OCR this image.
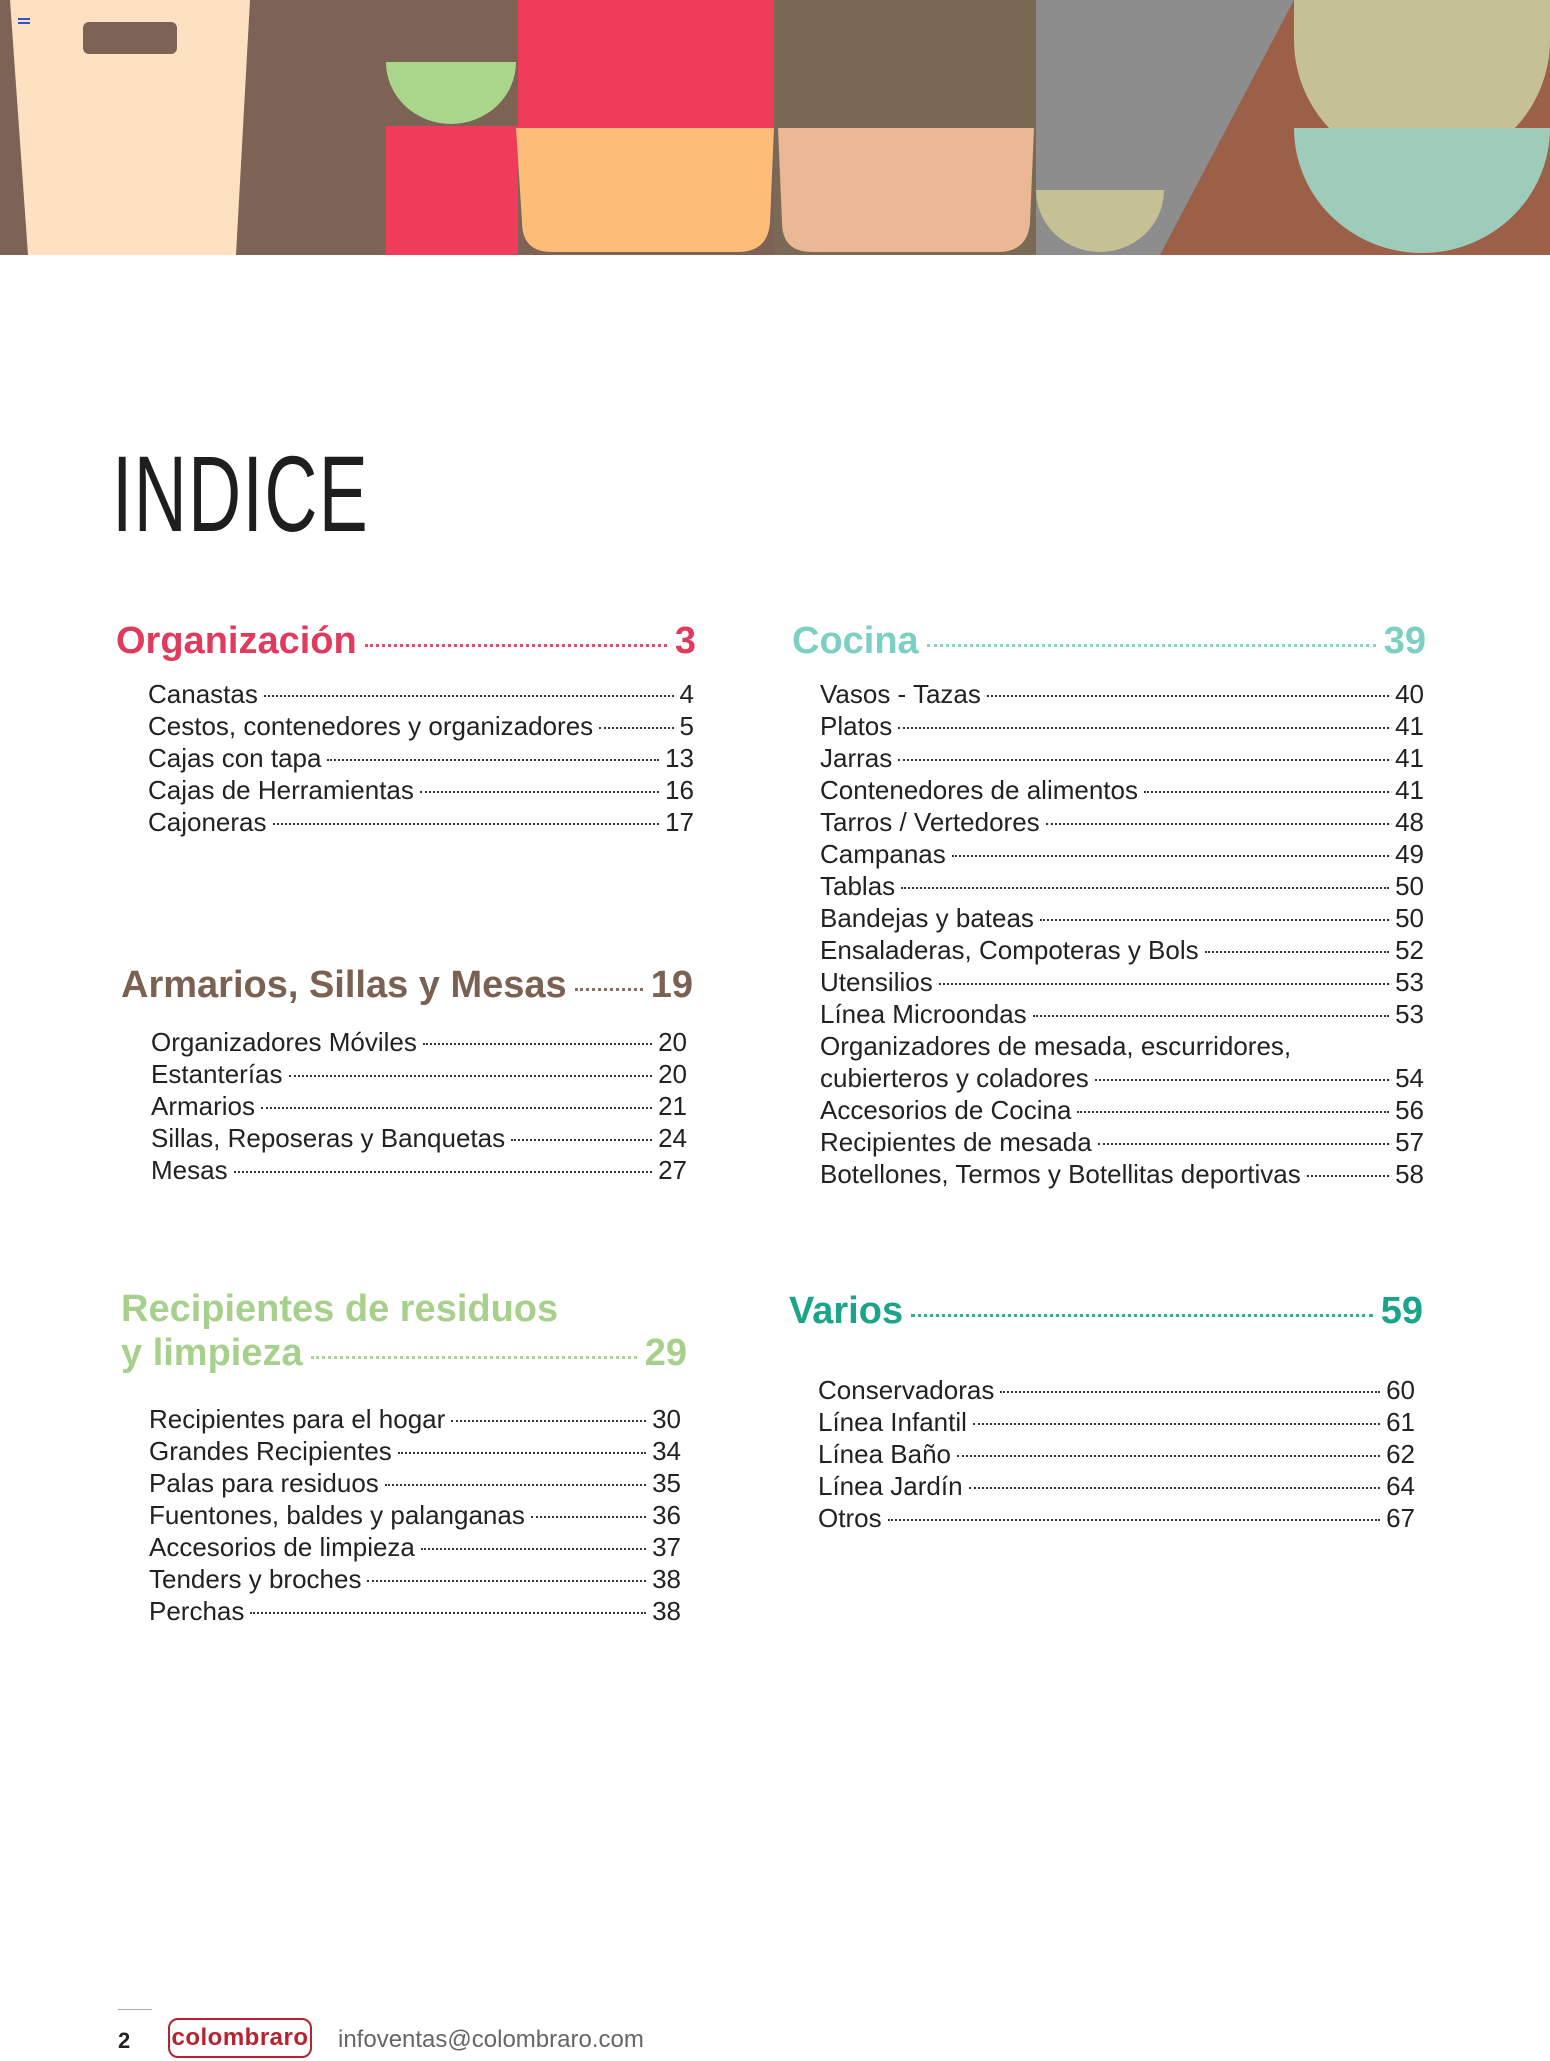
INDICE
Organización	3
Canastas	4
Cestos, contenedores y organizadores	5
Cajas con tapa	13
Cajas de Herramientas	16
Cajoneras	17
Armarios, Sillas y Mesas 19
Organizadores Móviles	20
Estanterías	20
Armarios	21
Sillas, Reposeras y Banquetas	24
Mesas	27
Recipientes de residuos
y limpieza	29
Recipientes para el hogar	30
Grandes Recipientes	34
Palas para residuos	35
Fuentones, baldes y palanganas	36
Accesorios de limpieza	37
Tenders y broches	38
Perchas	38
Cocina	39
Vasos - Tazas	40
Platos	41
Jarras	41
Contenedores de alimentos	41
Tarros / Vertedores	48
Campanas	49
Tablas	50
Bandejas y bateas	50
Ensaladeras, Compoteras y Bols	52
Utensilios	53
Línea Microondas	53
Organizadores de mesada, escurridores,
cubierteros y coladores	54
Accesorios de Cocina	56
Recipientes de mesada	57
Botellones, Termos y Botellitas deportivas	58
Varios	59
Conservadoras	60
Línea Infantil	61
Línea Baño	62
Línea Jardín	64
Otros	67
2 colombraro infoventas@colombraro.com
